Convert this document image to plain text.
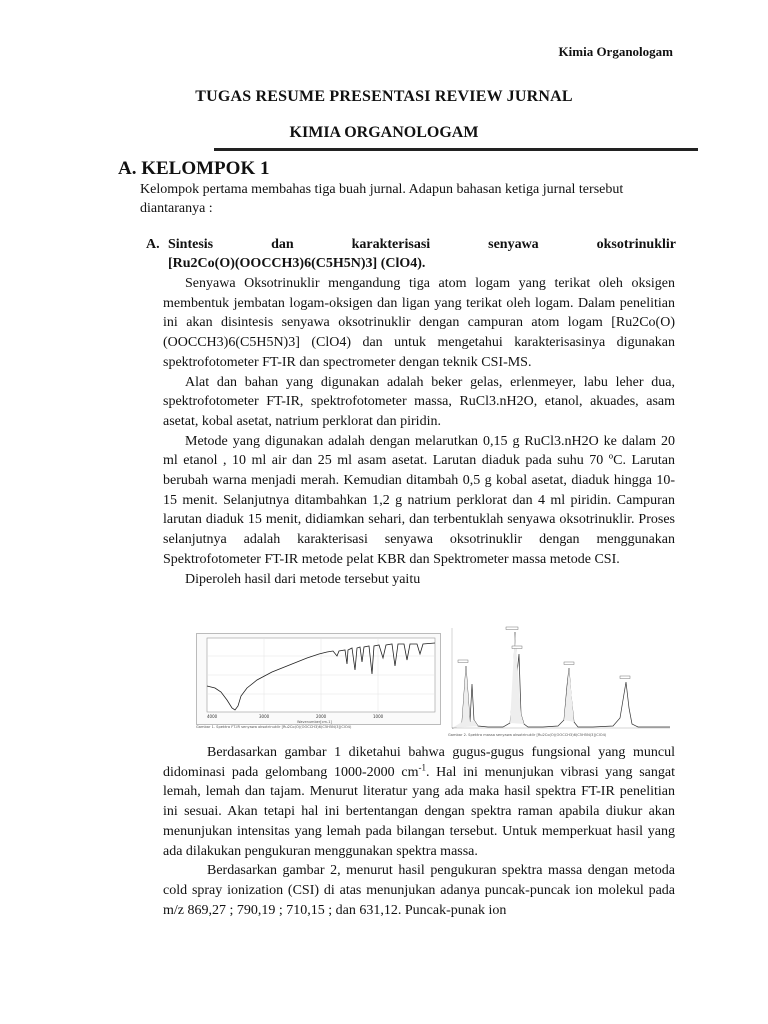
Kimia Organologam
TUGAS RESUME PRESENTASI REVIEW JURNAL
KIMIA ORGANOLOGAM
A. KELOMPOK 1
Kelompok pertama membahas tiga buah jurnal. Adapun bahasan ketiga jurnal tersebut
diantaranya :
A. Sintesis	dan	karakterisasi	senyawa	oksotrinuklir
[Ru2Co(O)(OOCCH3)6(C5H5N)3] (ClO4).

Senyawa Oksotrinuklir mengandung tiga atom logam yang terikat oleh oksigen membentuk jembatan logam-oksigen dan ligan yang terikat oleh logam. Dalam penelitian ini akan disintesis senyawa oksotrinuklir dengan campuran atom logam [Ru2Co(O)(OOCCH3)6(C5H5N)3] (ClO4) dan untuk mengetahui karakterisasinya digunakan spektrofotometer FT-IR dan spectrometer dengan teknik CSI-MS.

Alat dan bahan yang digunakan adalah beker gelas, erlenmeyer, labu leher dua, spektrofotometer FT-IR, spektrofotometer massa, RuCl3.nH2O, etanol, akuades, asam asetat, kobal asetat, natrium perklorat dan piridin.

Metode yang digunakan adalah dengan melarutkan 0,15 g RuCl3.nH2O ke dalam 20 ml etanol , 10 ml air dan 25 ml asam asetat. Larutan diaduk pada suhu 70 ºC. Larutan berubah warna menjadi merah. Kemudian ditambah 0,5 g kobal asetat, diaduk hingga 10-15 menit. Selanjutnya ditambahkan 1,2 g natrium perklorat dan 4 ml piridin. Campuran larutan diaduk 15 menit, didiamkan sehari, dan terbentuklah senyawa oksotrinuklir. Proses selanjutnya adalah karakterisasi senyawa oksotrinuklir dengan menggunakan Spektrofotometer FT-IR metode pelat KBR dan Spektrometer massa metode CSI.

Diperoleh hasil dari metode tersebut yaitu

4000	3000	2000	1000
Wavenumber[cm-1]
Gambar 1. Spektra FT-IR senyawa oksotrinuklir [Ru2Co(O)(OOCCH3)6(C5H5N)3](ClO4)
Gambar 2. Spektra massa senyawa oksotrinuklir [Ru2Co(O)(OOCCH3)6(C5H5N)3](ClO4)

Berdasarkan gambar 1 diketahui bahwa gugus-gugus fungsional yang muncul didominasi pada gelombang 1000-2000 $cm^{-1}$. Hal ini menunjukan vibrasi yang sangat lemah, lemah dan tajam. Menurut literatur yang ada maka hasil spektra FT-IR penelitian ini sesuai. Akan tetapi hal ini bertentangan dengan spektra raman apabila diukur akan menunjukan intensitas yang lemah pada bilangan tersebut. Untuk memperkuat hasil yang ada dilakukan pengukuran menggunakan spektra massa.

Berdasarkan gambar 2, menurut hasil pengukuran spektra massa dengan metoda cold spray ionization (CSI) di atas menunjukan adanya puncak-puncak ion molekul pada m/z 869,27 ; 790,19 ; 710,15 ; dan 631,12. Puncak-punak ion
